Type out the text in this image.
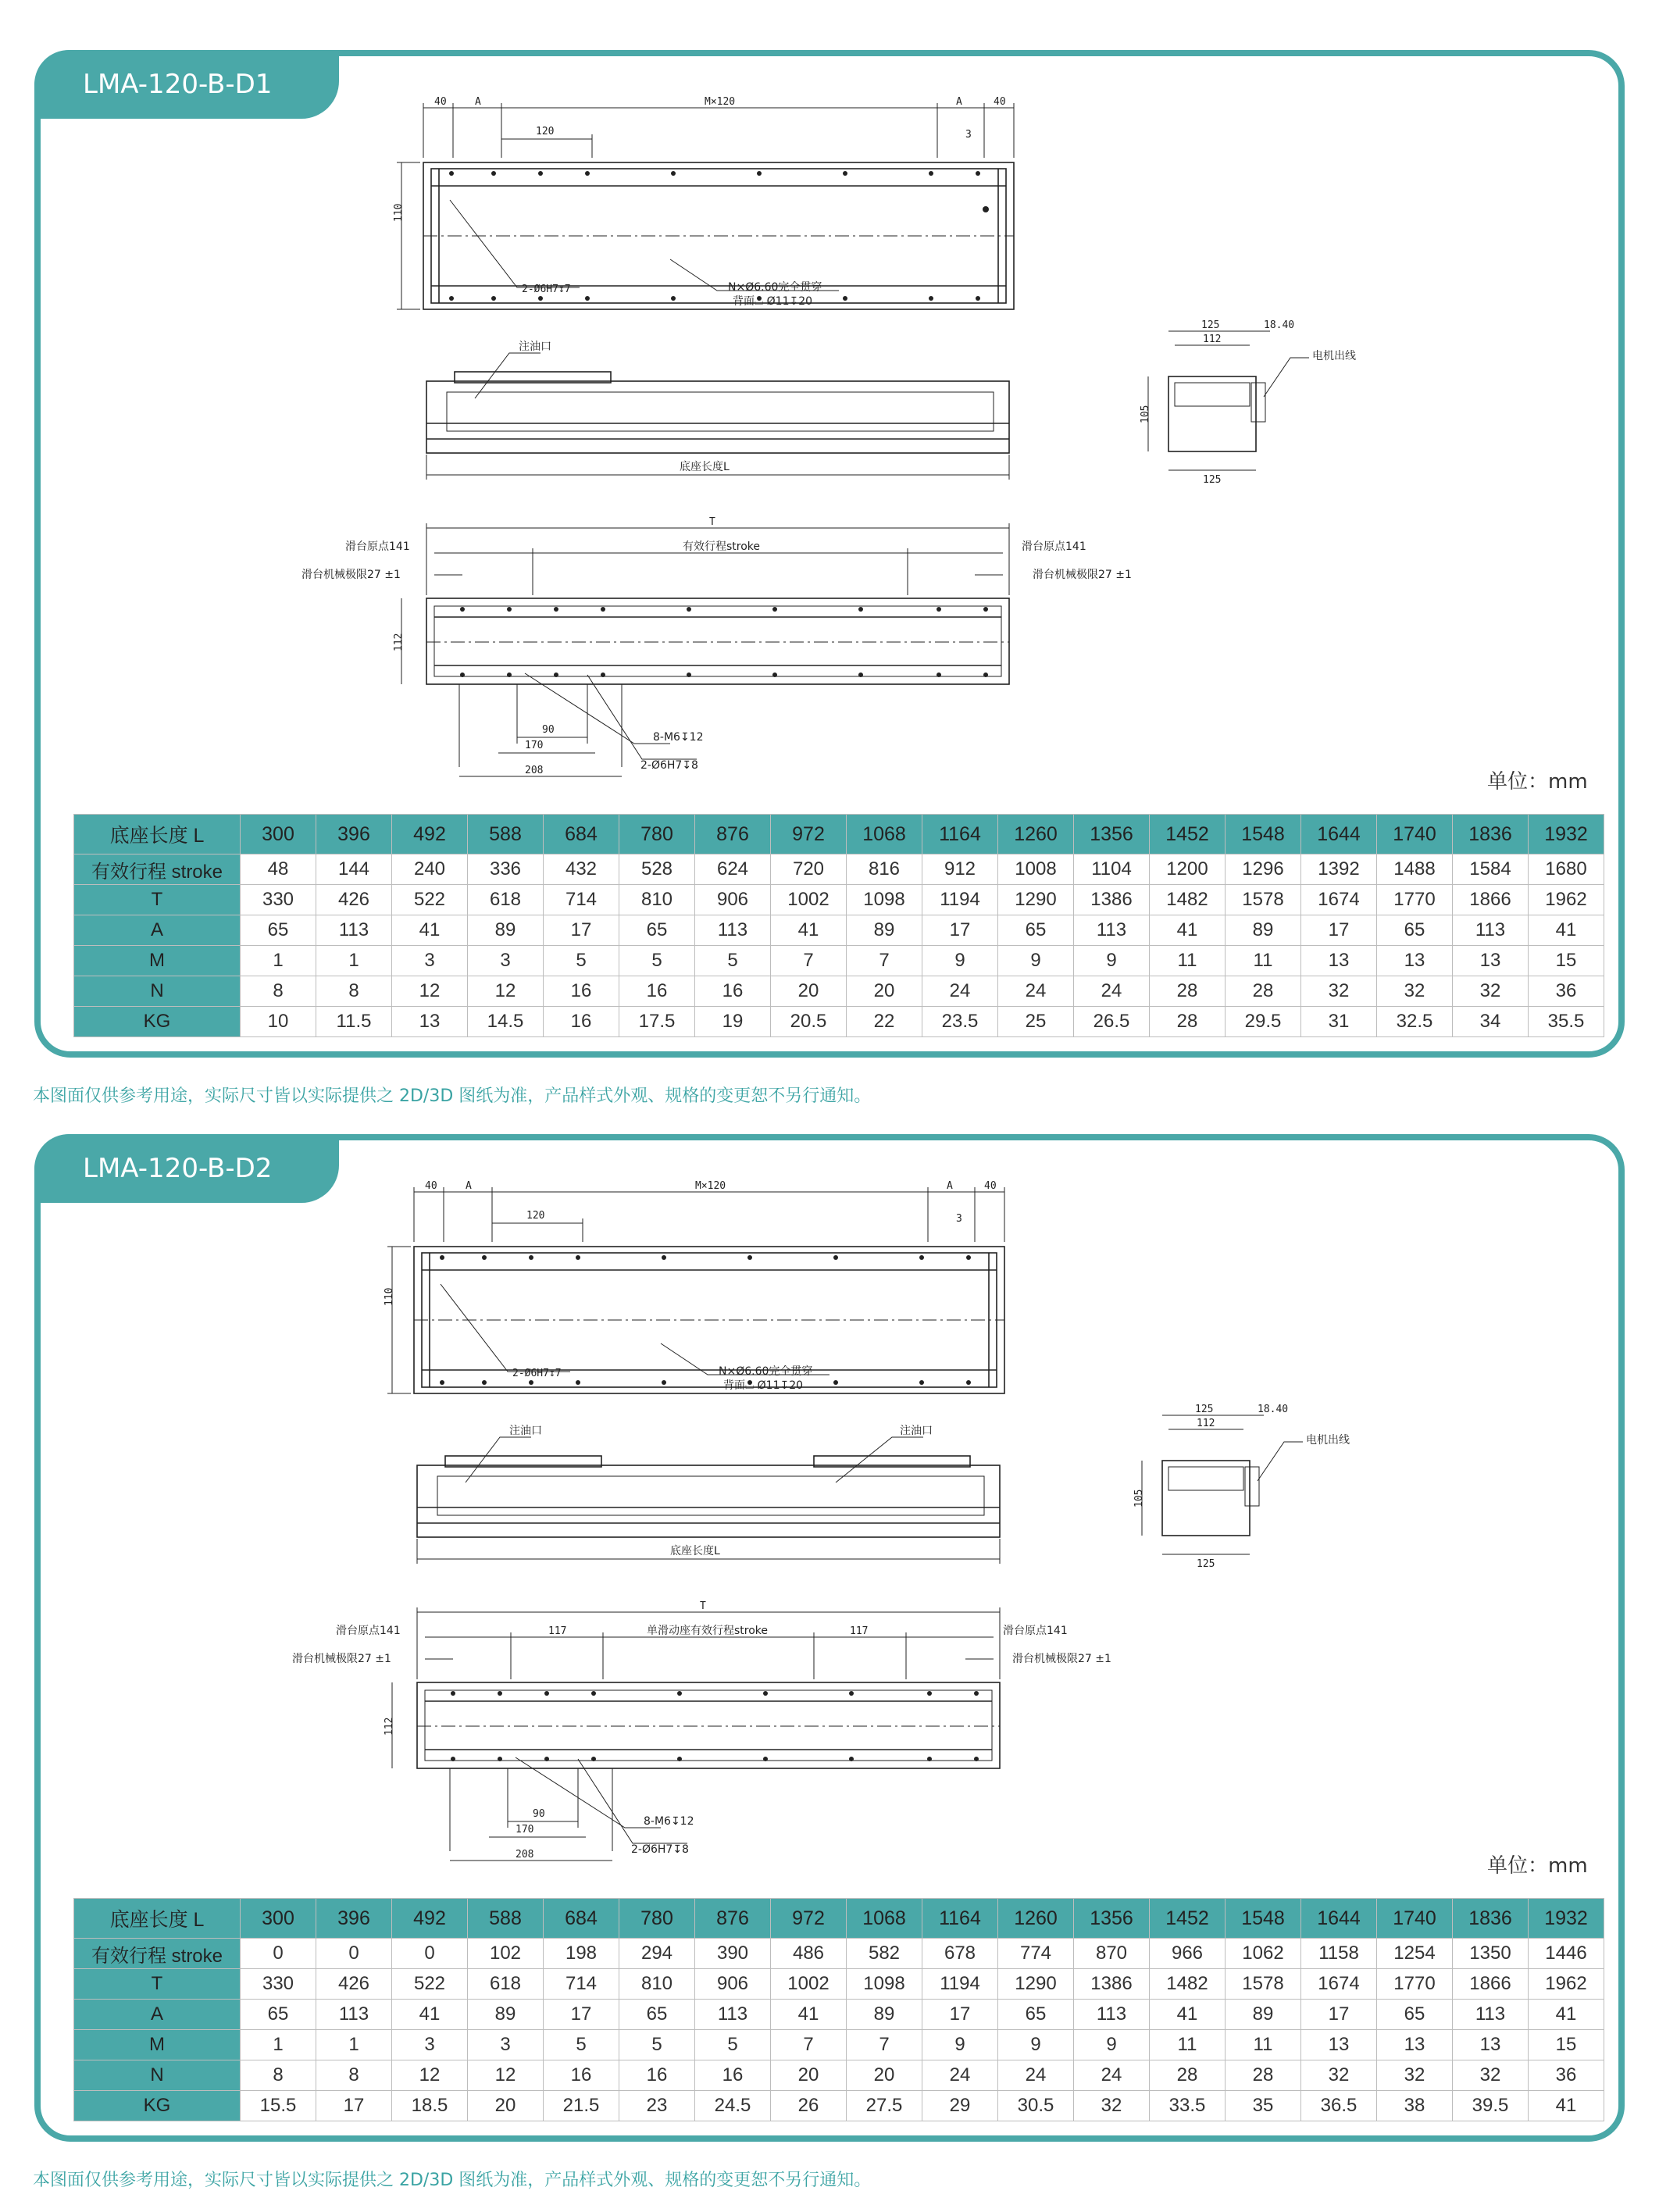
LMA-120-B-D1
40	A	M×120	A	40
120	3
110
2-Ø6H7↧7	N×Ø6.60完全贯穿
背面⌴ Ø11↧20
注油口
底座长度L
125	18.40
112
105
125
电机出线
T
滑台原点141	滑台原点141
有效行程stroke
滑台机械极限27 ±1	滑台机械极限27 ±1
112
90
170
208
8-M6↧12
2-Ø6H7↧8
单位：mm
底座长度 L	300	396	492	588	684	780	876	972	1068	1164	1260	1356	1452	1548	1644	1740	1836	1932
有效行程 stroke	48	144	240	336	432	528	624	720	816	912	1008	1104	1200	1296	1392	1488	1584	1680
T	330	426	522	618	714	810	906	1002	1098	1194	1290	1386	1482	1578	1674	1770	1866	1962
A	65	113	41	89	17	65	113	41	89	17	65	113	41	89	17	65	113	41
M	1	1	3	3	5	5	5	7	7	9	9	9	11	11	13	13	13	15
N	8	8	12	12	16	16	16	20	20	24	24	24	28	28	32	32	32	36
KG	10	11.5	13	14.5	16	17.5	19	20.5	22	23.5	25	26.5	28	29.5	31	32.5	34	35.5
本图面仅供参考用途，实际尺寸皆以实际提供之 2D/3D 图纸为准，产品样式外观、规格的变更恕不另行通知。
LMA-120-B-D2
40	A	M×120	A	40
120	3
110
2-Ø6H7↧7	N×Ø6.60完全贯穿
背面⌴ Ø11↧20
注油口	注油口
底座长度L
125	18.40
112
105
125
电机出线
T
滑台原点141	滑台原点141
117	117
单滑动座有效行程stroke
滑台机械极限27 ±1	滑台机械极限27 ±1
112
90
170
208
8-M6↧12
2-Ø6H7↧8
单位：mm
底座长度 L	300	396	492	588	684	780	876	972	1068	1164	1260	1356	1452	1548	1644	1740	1836	1932
有效行程 stroke	0	0	0	102	198	294	390	486	582	678	774	870	966	1062	1158	1254	1350	1446
T	330	426	522	618	714	810	906	1002	1098	1194	1290	1386	1482	1578	1674	1770	1866	1962
A	65	113	41	89	17	65	113	41	89	17	65	113	41	89	17	65	113	41
M	1	1	3	3	5	5	5	7	7	9	9	9	11	11	13	13	13	15
N	8	8	12	12	16	16	16	20	20	24	24	24	28	28	32	32	32	36
KG	15.5	17	18.5	20	21.5	23	24.5	26	27.5	29	30.5	32	33.5	35	36.5	38	39.5	41
本图面仅供参考用途，实际尺寸皆以实际提供之 2D/3D 图纸为准，产品样式外观、规格的变更恕不另行通知。
